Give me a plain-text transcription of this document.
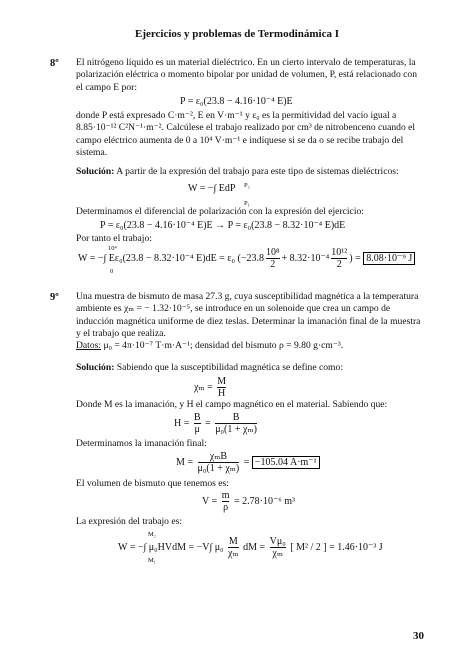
Ejercicios y problemas de Termodinámica I
8º El nitrógeno líquido es un material dieléctrico. En un cierto intervalo de temperaturas, la polarización eléctrica o momento bipolar por unidad de volumen, P, está relacionado con el campo E por:
P = ε₀(23.8 − 4.16·10⁻⁴ E)E
donde P está expresado C·m⁻², E en V·m⁻¹ y ε₀ es la permitividad del vacío igual a 8.85·10⁻¹² C²N⁻¹·m⁻². Calcúlese el trabajo realizado por cm³ de nitrobenceno cuando el campo eléctrico aumenta de 0 a 10⁴ V·m⁻¹ e indíquese si se da o se recibe trabajo del sistema.
Solución: A partir de la expresión del trabajo para este tipo de sistemas dieléctricos:
P₂
W = −∫ EdP
P₁
Determinamos el diferencial de polarización con la expresión del ejercicio:
P = ε₀(23.8 − 4.16·10⁻⁴ E)E → P = ε₀(23.8 − 8.32·10⁻⁴ E)dE
Por tanto el trabajo:
10⁴
W = −∫ Eε₀(23.8 − 8.32·10⁻⁴ E)dE = ε₀
0
($-23.8 \frac{\text{10⁸}}{2} + 8.32\cdot 10^{-4} \frac{\text{10¹²}}{2}$ ) = 8.08·10⁻⁹ J
9º Una muestra de bismuto de masa 27.3 g, cuya susceptibilidad magnética a la temperatura ambiente es χₘ = − 1.32·10⁻⁵, se introduce en un solenoide que crea un campo de inducción magnética uniforme de diez teslas. Determinar la imanación final de la muestra y el trabajo que realiza.
Datos: μ₀ = 4π·10⁻⁷ T·m·A⁻¹; densidad del bismuto ρ = 9.80 g·cm⁻³.
Solución: Sabiendo que la susceptibilidad magnética se define como:
$\chi_m = \frac{M}{H}$
Donde M es la imanación, y H el campo magnético en el material. Sabiendo que:
$H = \frac{B}{\mu} = \frac{B}{\text{μ₀(1 + χₘ)}}$
Determinamos la imanación final:
$M = \frac{\text{χₘB}}{\text{μ₀(1 + χₘ)}} = -105.04$ A·m⁻¹
El volumen de bismuto que tenemos es:
$V = \frac{m}{\rho} = 2.78\cdot 10^{-6}$ m³
La expresión del trabajo es:
M₂
W = −∫ μ₀HVdM = −V∫ μ₀
M₁
$\frac{M}{\text{χₘ}}$ dM = $\frac{\text{Vμ₀}}{\text{χₘ}}$ [ M² / 2 ] = 1.46·10⁻³ J
30
